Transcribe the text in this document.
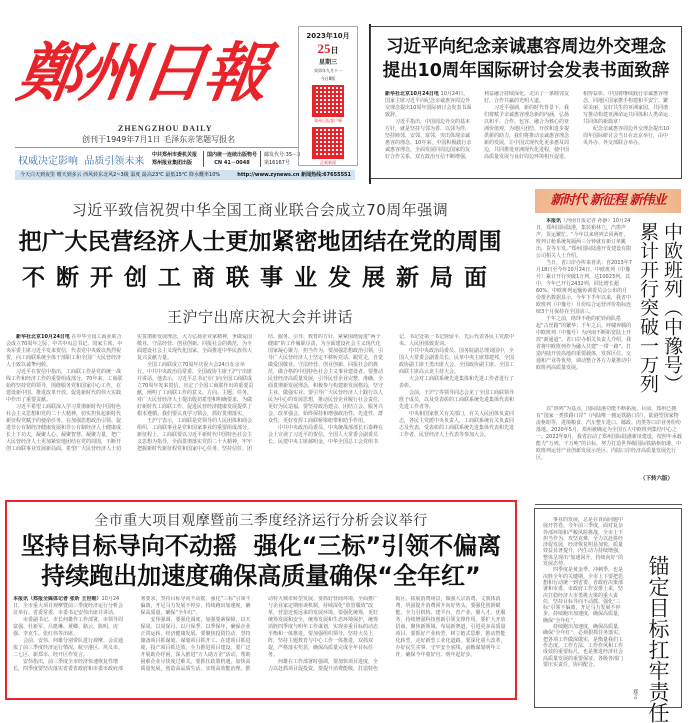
鄭州日報
ZHENGZHOU DAILY
创刊于1949年7月1日 毛泽东亲笔题写报名
权威决定影响  品质引领未来
中共郑州市委机关报
郑州报业集团出版
国内统一连续出版物号
CN 41－0048
邮发代号:35－3
第16167号
今天白天到夜里 晴天到多云 西风转东北风2~3级 温度 最高23℃ 最低15℃ 降水概率10%	http://www.zynews.cn 新闻热线:67655551
2023年10月
25日
星期三
癸卯年九月十一
今日8版
郑州日报客户端
正观新闻
习近平向纪念亲诚惠容周边外交理念
提出10周年国际研讨会发表书面致辞

新华社北京10月24日电 10月24日，国家主席习近平向纪念亲诚惠容周边外交理念提出10周年国际研讨会发表书面致辞。

习近平指出，中国周边外交的基本方针，就是坚持与邻为善、以邻为伴，坚持睦邻、安邻、富邻，突出体现亲诚惠容的理念。10年来，中国积极践行亲诚惠容理念，全面发展同周边国家的友好合作关系，双方政治互信不断增强，利益融合持续深化，走出了一条睦邻友好、合作共赢的光明大道。

习近平强调，新的时代背景下，我们将赋予亲诚惠容理念新的内涵，弘扬以和平、合作、包容、融合为核心的亚洲价值观，为地区团结、开放和进步提供新的助力。我们将推动亲诚惠容理念新的发展，让中国式现代化更多惠及周边，共同推进亚洲现代化进程，使中国高质量发展与良好周边环境相互促进、相得益彰。中国将继续践行亲诚惠容理念，同地区国家携手构建和平安宁、繁荣美丽、友好共生的亚洲家园，共同谱写推动构建亚洲命运共同体和人类命运共同体的新篇章！

纪念亲诚惠容周边外交理念提出10周年国际研讨会当日在北京举行，由中央外办、外交部联合举办。

习近平致信祝贺中华全国工商业联合会成立70周年强调
把广大民营经济人士更加紧密地团结在党的周围
不断开创工商联事业发展新局面
王沪宁出席庆祝大会并讲话

新华社北京10月24日电 在中华全国工商业联合会成立70周年之际，中共中央总书记、国家主席、中央军委主席习近平发来贺信，代表党中央致以热烈祝贺，向工商联系统全体干部职工和全国广大民营经济人士致以诚挚问候。

习近平在贺信中指出，工商联工作是党的统一战线工作和经济工作的重要组成部分。70年来，工商联始终坚持党的领导，围绕服务党和国家中心工作，在建设新中国、推进改革开放、促进新时代的伟大实践中作出了重要贡献。

习近平希望工商联深入学习贯彻新时代中国特色社会主义思想和党的二十大精神，切实担负起新时代新征程党赋予的使命任务，在加强思想政治引领、促进非公有制经济健康发展和非公有制经济人士健康成长上下功夫，凝聚人心、凝聚智慧、凝聚力量，把广大民营经济人士更加紧密地团结在党的周围，不断开创工商联事业发展新局面。希望广大民营经济人士切实贯彻新发展理念，大力弘扬企业家精神，争做爱国敬业、守法经营、创业创新、回报社会的典范，为全面建设社会主义现代化国家、全面推进中华民族伟大复兴贡献力量。

全国工商联成立70周年庆祝大会24日在京举行。中共中央政治局常委、全国政协主席王沪宁出席并讲话。他表示，习近平总书记专门向全国工商联成立70周年发来贺信，肯定了全国工商联作出的重要贡献，阐明了工商联工作的意义、方向、主题、任务，对广大民营经济人士提出殷切希望和明确要求，为做好新时代工商联工作、促进民营经济健康发展提供了根本遵循。我们要认真学习领会，抓好贯彻落实。

王沪宁表示，工商联是党领导的人民团体和商会组织，工商联事业是党和国家事业的重要组成部分。新征程上，工商联要以习近平新时代中国特色社会主义思想为指导，全面贯彻落实党的二十大精神，牢牢把握新时代新征程党和国家中心任务，坚持信任、团结、服务、引导、教育的方针，紧紧围绕促进“两个健康”的工作履职尽责，为全面建设社会主义现代化国家凝心聚力，担当作为。要加强思想政治引领，引导广大民营经济人士坚定不移听党话、跟党走，自觉做爱国敬业、守法经营、创业创新、回报社会的典范，做合格的中国特色社会主义事业建设者。要推动民营经济高质量发展，引导民营企业完整、准确、全面贯彻新发展理念，积极参与构建新发展格局，坚守主业、做强实业。要引导广大民营经济人士践行以人民为中心的发展思想，推动民营企业履行社会责任，更好为民造福。要坚持政治建会、团结立会、服务兴会、改革强会，始终保持和增强政治性、先进性、群众性，更好发挥工商联桥梁纽带和助手作用。

中共中央政治局委员、中央统战部部长石泰峰在会上宣读了习近平的贺信。全国人大常委会副委员长、民建中央主席郝明金，中华全国总工会党组书记、书记处第一书记徐留平，先后代表各民主党派中央、人民团体致贺词。

中共中央政治局委员、国务院副总理刘国中，全国人大常委会副委员长、民革中央主席郑建邦，全国政协副主席王勇出席大会。全国政协副主席、全国工商联主席高云龙主持大会。

大会对工商联系统先进集体和先进工作者进行了表彰。

会前，王沪宁等领导同志会见了全国工商联领导班子成员，以及受表彰的工商联系统先进集体代表和先进工作者等。

中央和国家机关有关部门，有关人民团体负责同志，各民主党派中央负责人，工商联系统有关负责同志及代表，受表彰的工商联系统先进集体代表和先进工作者，民营经济人士代表等参加大会。

新时代 新征程 新伟业
中欧班列（中豫号）
累计开行突破一万列

本报讯（河南日报记者 孙静）10月24日，郑州国际陆港，集装箱林立，汽笛声声，货运繁忙。“今年以来班列去回两旺，班列订舱系统每隔两三分钟就有新订单跳出，货等车发。”郑州国际陆港开发建设有限公司相关人士介绍。

当日，省口岸办传来喜讯：自2013年7月18日至今年10月24日，中欧班列（中豫号）累计开行突破1万列，达10023列。其中，今年已开行2432列，同比增长超60%。中欧班列运输协调委员会公布的月份排名数据显示，今年下半年以来，我省中欧班列（中豫号）月份综合运营评价指标连续3个月保持在全国前三。

千年之前，络绎不绝的驼铃商队搭起“古丝路”的繁华；千年之后，呼啸奔腾的中欧班列（中豫号）为河南不断拓宽陆上开放“新通道”。省口岸办相关负责人介绍，我省将中欧班列作为融入共建“一带一路”、打造内陆开放高地的重要载体，发挥区位、交通和产业等优势，调动整合各方力量推动中欧班列高质量发展。

以“班列”为基点，国际陆港功能不断拓展。目前，郑州已拥有“国家一类铁路口岸”（内陆唯一拥运铁路口岸），陆港型国家物流枢纽等，进境粮食、汽车整车进口、邮政、肉类等口岸业务纷纷落地。2020年5月，郑州被确定为全国五大中欧班列集结中心之一。2022年9月，我省启动了郑州国际陆港新址建设，按照年承载能力“万列、千万吨”的目标，努力打造世界级国际铁路枢纽港、中欧班列运营产业创新发展示范区、内陆口岸经济高质量发展先行区。

（下转六版）
全市重大项目观摩暨前三季度经济运行分析会议举行
坚持目标导向不动摇  强化“三标”引领不偏离
持续跑出加速度确保高质量确保“全年红”

本报讯（郑报全媒体记者 张昕 王世维）10月24日，全市重大项目观摩暨前三季度经济运行分析会议举行。省委常委、市委书记安伟出席并讲话。

市委副书记、市长何雄作工作部署，市领导周富强、杜新军、吕挺琳、黄卿、路云、陈明、虎强、李克生、张红伟等出席。

会前，安伟、何雄分别带队进行观摩。会议通报了前三季度经济运行情况，航空港区、巩义市、二七区、新郑市、经开区作发言。

安伟指出，前三季度全市经济快速恢复性增长，四季度要坚决落实省委省政府和市委市政府部署要求，坚持目标导向不动摇，强化“三标”引领不偏离，开足马力发展不停步，持续跑出加速度，确保高质量，确保“全年红”。

安伟强调，要强化调度，加强要素保障，以天保周、以周保月、以月保季、以季保年，确保企业正常运转、经济健康发展。要聚焦投资拉动，坚持储备项目抓谋划、谋划项目抓开工、在建项目抓进度、投产项目抓达效，全力推进项目建设。要广泛开展助企纾困，深入推进“万人助万企”活动，帮助困难企业尽快度过难关。要抓住政策机遇，加快高质量发展，创造高品质生活，实现高效能治理，推动特大城市转型发展。要抓好营商环境，全面推广与企业家定期座谈机制，持续深化“放管服效”改革，营造近悦远来的发展环境。要强化统筹，更好统筹发展和安全，统筹发展和生态环境保护，统筹消胜四季度与明年工作谋划，实现多重目标的动态平衡和一体推进。要加强组织领导，坚持大员上阵，坚持主题教育与中心工作一体推进，双抓双促，严格落实奖惩，确保高质量完成全年目标任务。

何雄在工作部署时强调，要加快项目进度，全力以赴抓项目促投资。要提升消费能级，打造特色街区，拓展消费场景，做强大宗消费、文旅体消费，巩固提升消费回升向好势头。要强化创新赋能，全力引机构、建平台、育产业、聚人才、优服务，持续增强科技创新引领支撑作用。要扩大开放招商，聚焦新领域、布局新赛道，引进更多高质量项目。要抓好产业转型，树立链式思维，推动智能化转型，走好新型工业化道路。要深化重大改革，办好民生实事，守牢安全底线，前瞻谋划明年工作，确保今年收好官、明年起好步。

事业的发展，总是在直面问题中展开答卷。今年前三季度，面对复杂外部环境和严峻风险挑战，全市上下担当作为、攻坚克难，全力以赴拼经济促发展，经济恢复明显加快，质量效益显著提升，内生动力持续增强，整体呈现出“加速回升、持续向好”的发展态势。

四季度是黄金季、冲刺季，也是决胜全年的关键期。全市上下要把思想和行动统一到省委、省政府决策部署和市委、市政府工作安排上来，坚决扛稳经济大市勇挑大梁的重大责任，坚持目标导向不动摇、强化“三标”引领不偏离，开足马力发展不停步，持续跑出加速度，确保高质量，确保“全年红”。

持续跑出加速度，确保高质量，确保“全年红”，必须狠抓任务落实。把各项工作做深做实，是衡量我们工作态度、工作方法、工作作风和工作成效的重要标尺，也是推进经济社会高质量发展的重要保证。各级各部门要压实责任，协同配合。	锚定目标扛牢责任
郑言
